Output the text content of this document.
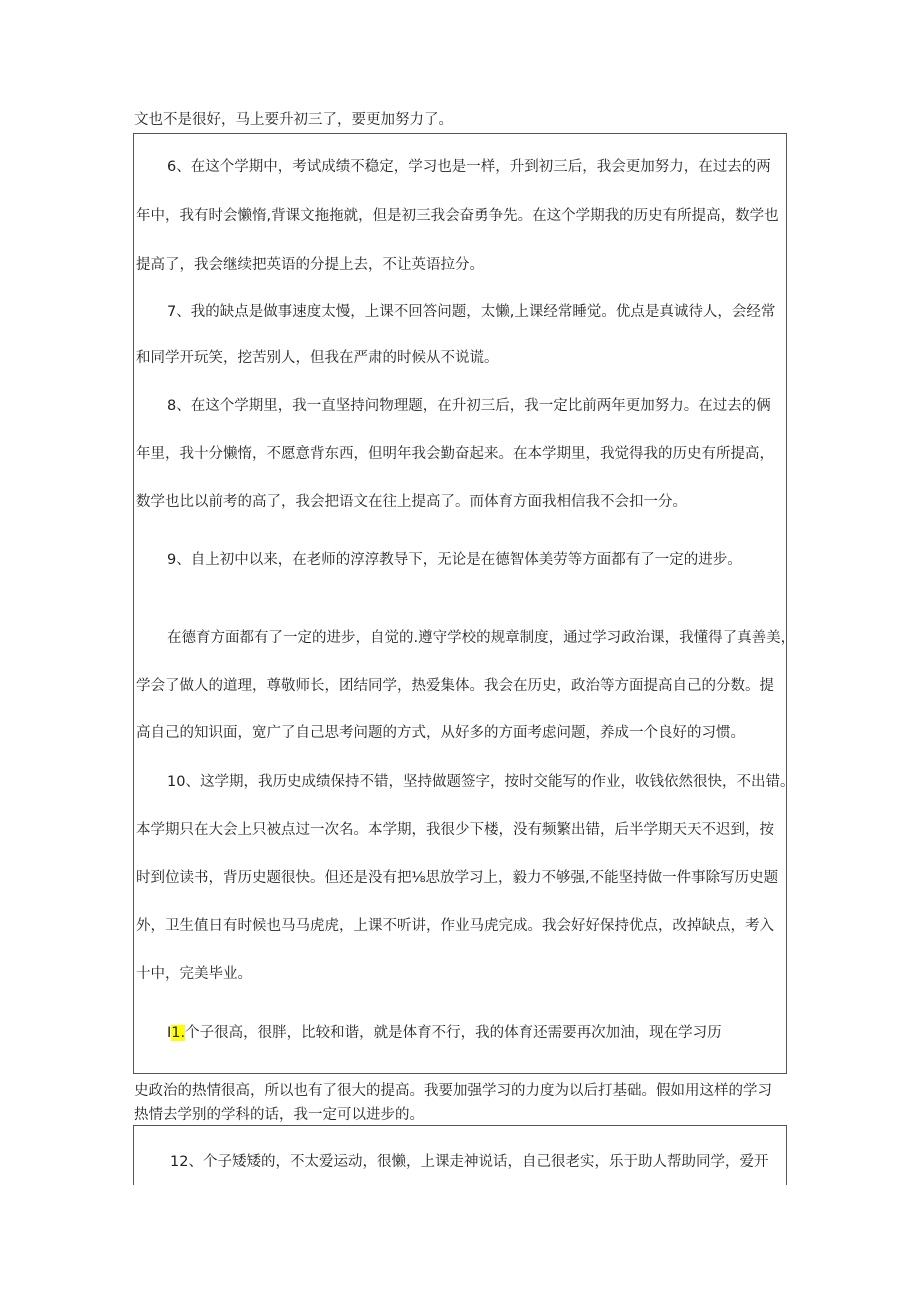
文也不是很好，马上要升初三了，要更加努力了。
6、在这个学期中，考试成绩不稳定，学习也是一样，升到初三后，我会更加努力，在过去的两
年中，我有时会懒惰,背课文拖拖就，但是初三我会奋勇争先。在这个学期我的历史有所提高，数学也
提高了，我会继续把英语的分提上去，不让英语拉分。
7、我的缺点是做事速度太慢，上课不回答问题，太懒,上课经常睡觉。优点是真诚待人，会经常
和同学开玩笑，挖苦别人，但我在严肃的时候从不说谎。
8、在这个学期里，我一直坚持问物理题，在升初三后，我一定比前两年更加努力。在过去的俩
年里，我十分懒惰，不愿意背东西，但明年我会勤奋起来。在本学期里，我觉得我的历史有所提高，
数学也比以前考的高了，我会把语文在往上提高了。而体育方面我相信我不会扣一分。
9、自上初中以来，在老师的淳淳教导下，无论是在德智体美劳等方面都有了一定的进步。
在德育方面都有了一定的进步，自觉的.遵守学校的规章制度，通过学习政治课，我懂得了真善美，
学会了做人的道理，尊敬师长，团结同学，热爱集体。我会在历史，政治等方面提高自己的分数。提
高自己的知识面，宽广了自己思考问题的方式，从好多的方面考虑问题，养成一个良好的习惯。
10、这学期，我历史成绩保持不错，坚持做题签字，按时交能写的作业，收钱依然很快，不出错。
本学期只在大会上只被点过一次名。本学期，我很少下楼，没有频繁出错，后半学期天天不迟到，按
时到位读书，背历史题很快。但还是没有把⅛思放学习上，毅力不够强,不能坚持做一件事除写历史题
外，卫生值日有时候也马马虎虎，上课不听讲，作业马虎完成。我会好好保持优点，改掉缺点，考入
十中，完美毕业。
I1.个子很高，很胖，比较和谐，就是体育不行，我的体育还需要再次加油，现在学习历
史政治的热情很高，所以也有了很大的提高。我要加强学习的力度为以后打基础。假如用这样的学习
热情去学别的学科的话，我一定可以进步的。
12、个子矮矮的，不太爱运动，很懒，上课走神说话，自己很老实，乐于助人帮助同学，爱开
